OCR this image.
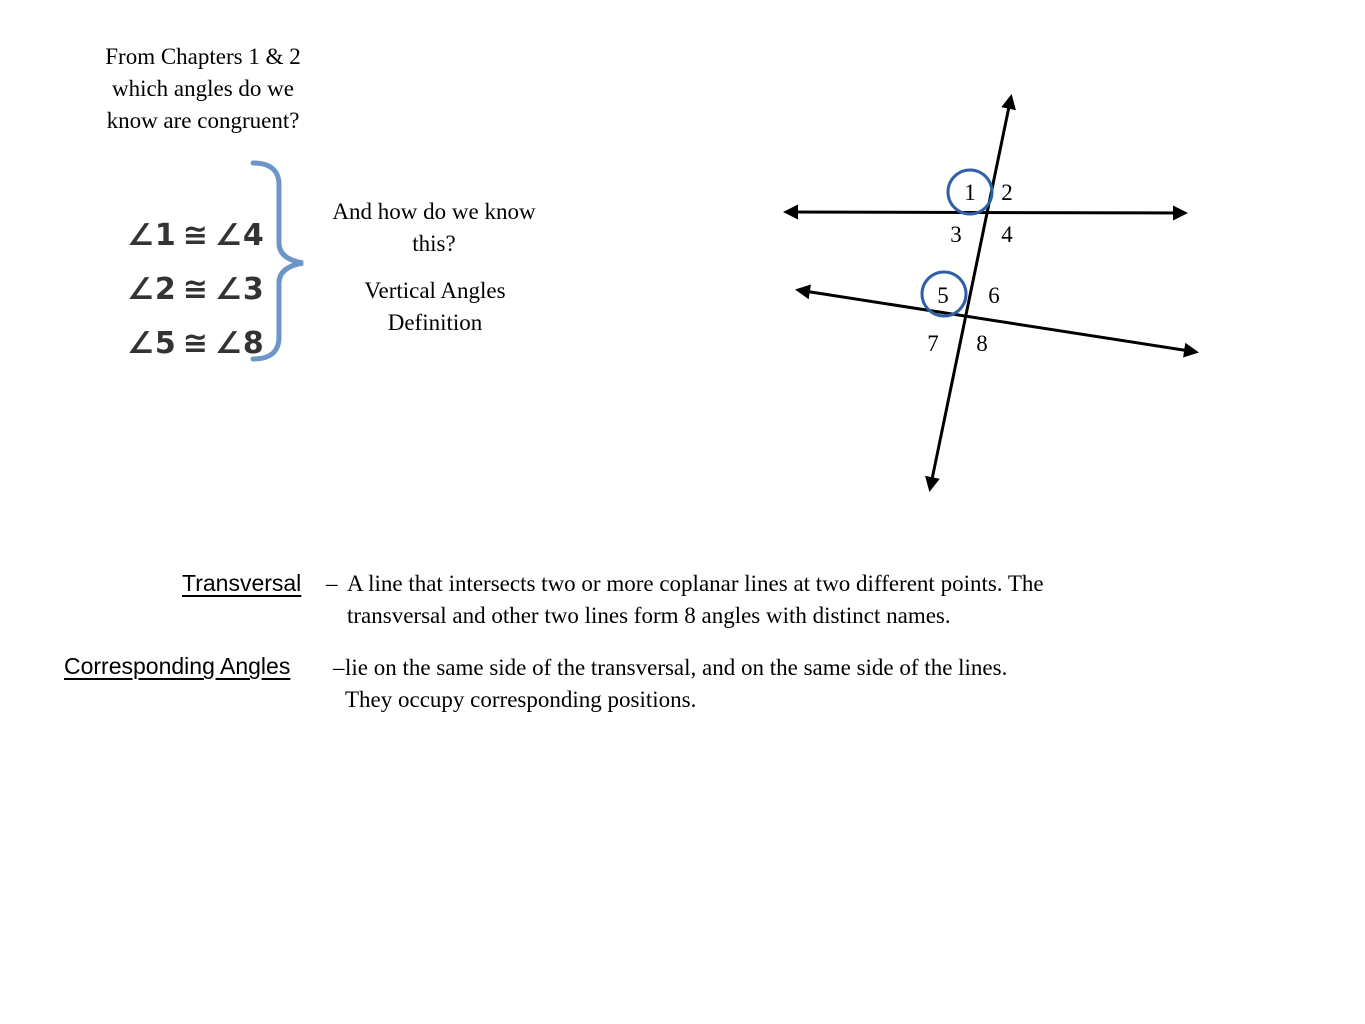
From Chapters 1 & 2
which angles do we
know are congruent?
∠1 ≅ ∠4
∠2 ≅ ∠3
∠5 ≅ ∠8
And how do we know
this?
Vertical Angles
Definition
1 2
3 4
5 6
7 8
Transversal – A line that intersects two or more coplanar lines at two different points. The
transversal and other two lines form 8 angles with distinct names.
Corresponding Angles – lie on the same side of the transversal, and on the same side of the lines.
They occupy corresponding positions.
